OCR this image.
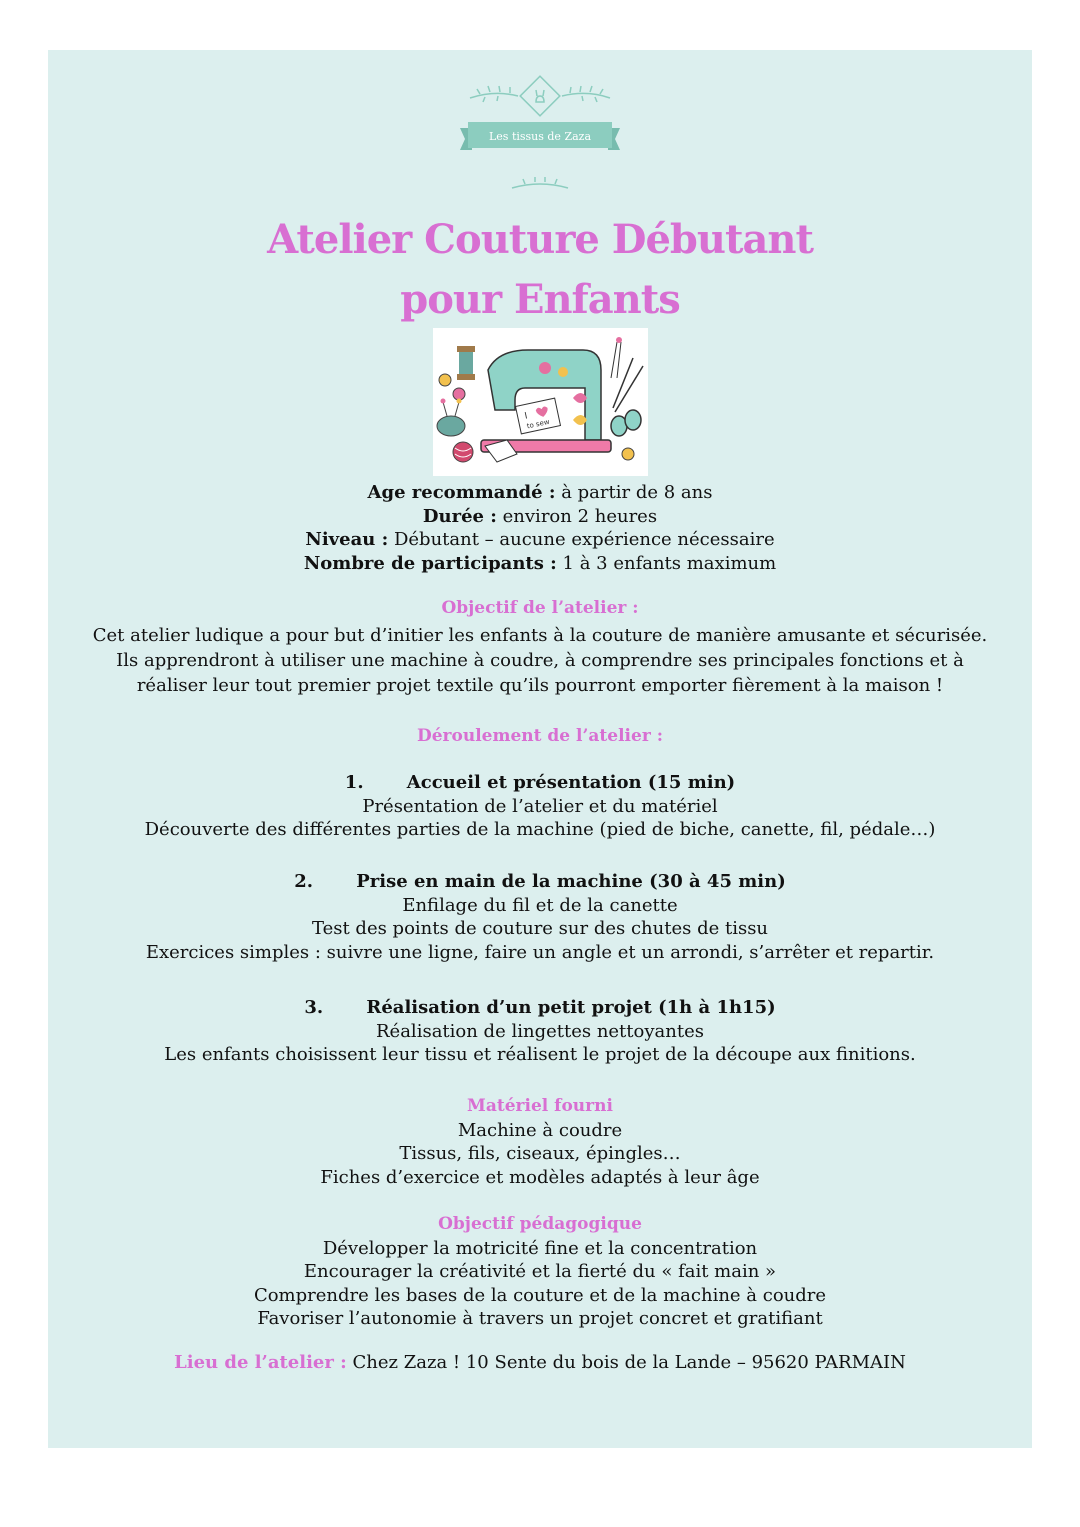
Les tissus de Zaza
Atelier Couture Débutant
pour Enfants
I
to sew
Age recommandé : à partir de 8 ans
Durée : environ 2 heures
Niveau : Débutant – aucune expérience nécessaire
Nombre de participants : 1 à 3 enfants maximum
Objectif de l’atelier :
Cet atelier ludique a pour but d’initier les enfants à la couture de manière amusante et sécurisée.
Ils apprendront à utiliser une machine à coudre, à comprendre ses principales fonctions et à
réaliser leur tout premier projet textile qu’ils pourront emporter fièrement à la maison !
Déroulement de l’atelier :
1. Accueil et présentation (15 min)
Présentation de l’atelier et du matériel
Découverte des différentes parties de la machine (pied de biche, canette, fil, pédale…)
2. Prise en main de la machine (30 à 45 min)
Enfilage du fil et de la canette
Test des points de couture sur des chutes de tissu
Exercices simples : suivre une ligne, faire un angle et un arrondi, s’arrêter et repartir.
3. Réalisation d’un petit projet (1h à 1h15)
Réalisation de lingettes nettoyantes
Les enfants choisissent leur tissu et réalisent le projet de la découpe aux finitions.
Matériel fourni
Machine à coudre
Tissus, fils, ciseaux, épingles…
Fiches d’exercice et modèles adaptés à leur âge
Objectif pédagogique
Développer la motricité fine et la concentration
Encourager la créativité et la fierté du « fait main »
Comprendre les bases de la couture et de la machine à coudre
Favoriser l’autonomie à travers un projet concret et gratifiant
Lieu de l’atelier : Chez Zaza ! 10 Sente du bois de la Lande – 95620 PARMAIN
